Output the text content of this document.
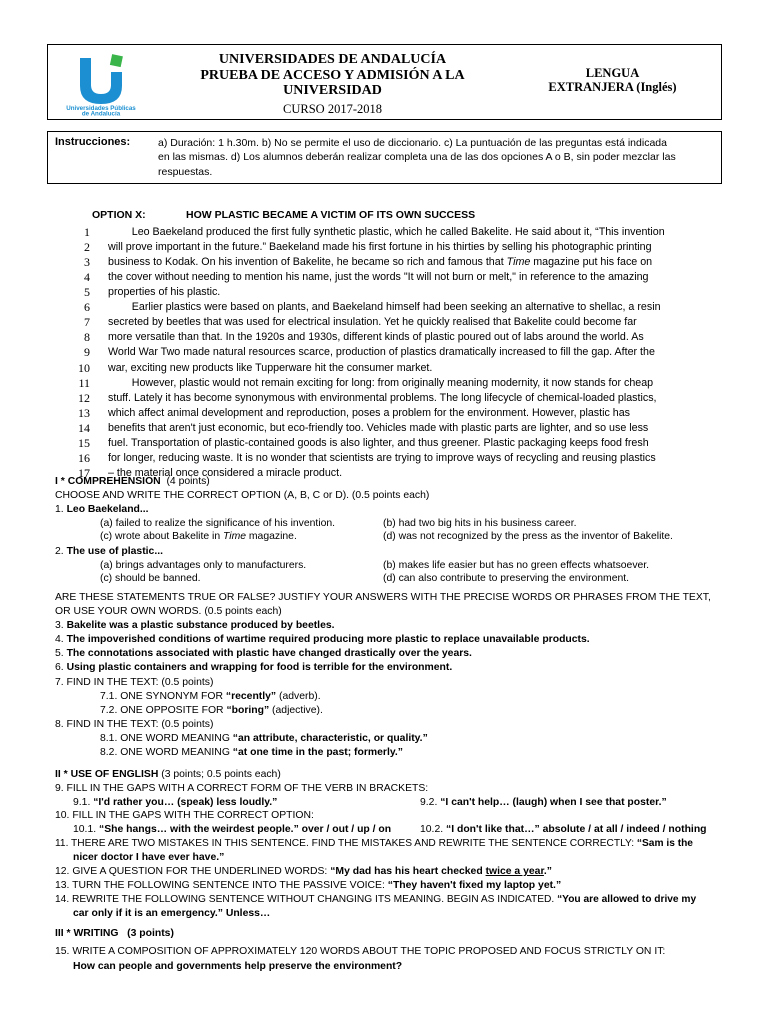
Universidades Públicas
de Andalucía
UNIVERSIDADES DE ANDALUCÍA
PRUEBA DE ACCESO Y ADMISIÓN A LA
UNIVERSIDAD
CURSO 2017-2018
LENGUA
EXTRANJERA (Inglés)
Instrucciones:	a) Duración: 1 h.30m. b) No se permite el uso de diccionario. c) La puntuación de las preguntas está indicada
en las mismas. d) Los alumnos deberán realizar completa una de las dos opciones A o B, sin poder mezclar las
respuestas.
OPTION X:	HOW PLASTIC BECAME A VICTIM OF ITS OWN SUCCESS
1 Leo Baekeland produced the first fully synthetic plastic, which he called Bakelite. He said about it, “This invention
2 will prove important in the future.” Baekeland made his first fortune in his thirties by selling his photographic printing
3 business to Kodak. On his invention of Bakelite, he became so rich and famous that Time magazine put his face on
4 the cover without needing to mention his name, just the words "It will not burn or melt," in reference to the amazing
5 properties of his plastic.
6 Earlier plastics were based on plants, and Baekeland himself had been seeking an alternative to shellac, a resin
7 secreted by beetles that was used for electrical insulation. Yet he quickly realised that Bakelite could become far
8 more versatile than that. In the 1920s and 1930s, different kinds of plastic poured out of labs around the world. As
9 World War Two made natural resources scarce, production of plastics dramatically increased to fill the gap. After the
10 war, exciting new products like Tupperware hit the consumer market.
11 However, plastic would not remain exciting for long: from originally meaning modernity, it now stands for cheap
12 stuff. Lately it has become synonymous with environmental problems. The long lifecycle of chemical-loaded plastics,
13 which affect animal development and reproduction, poses a problem for the environment. However, plastic has
14 benefits that aren't just economic, but eco-friendly too. Vehicles made with plastic parts are lighter, and so use less
15 fuel. Transportation of plastic-contained goods is also lighter, and thus greener. Plastic packaging keeps food fresh
16 for longer, reducing waste. It is no wonder that scientists are trying to improve ways of recycling and reusing plastics
17 – the material once considered a miracle product.
I * COMPREHENSION (4 points)
CHOOSE AND WRITE THE CORRECT OPTION (A, B, C or D). (0.5 points each)
1. Leo Baekeland...
(a) failed to realize the significance of his invention.	(b) had two big hits in his business career.
(c) wrote about Bakelite in Time magazine.	(d) was not recognized by the press as the inventor of Bakelite.
2. The use of plastic...
(a) brings advantages only to manufacturers.	(b) makes life easier but has no green effects whatsoever.
(c) should be banned.	(d) can also contribute to preserving the environment.
ARE THESE STATEMENTS TRUE OR FALSE? JUSTIFY YOUR ANSWERS WITH THE PRECISE WORDS OR PHRASES FROM THE TEXT,
OR USE YOUR OWN WORDS. (0.5 points each)
3. Bakelite was a plastic substance produced by beetles.
4. The impoverished conditions of wartime required producing more plastic to replace unavailable products.
5. The connotations associated with plastic have changed drastically over the years.
6. Using plastic containers and wrapping for food is terrible for the environment.
7. FIND IN THE TEXT: (0.5 points)
7.1. ONE SYNONYM FOR “recently” (adverb).
7.2. ONE OPPOSITE FOR “boring” (adjective).
8. FIND IN THE TEXT: (0.5 points)
8.1. ONE WORD MEANING “an attribute, characteristic, or quality.”
8.2. ONE WORD MEANING “at one time in the past; formerly.”
II * USE OF ENGLISH (3 points; 0.5 points each)
9. FILL IN THE GAPS WITH A CORRECT FORM OF THE VERB IN BRACKETS:
9.1. “I'd rather you… (speak) less loudly.”	9.2. “I can't help… (laugh) when I see that poster.”
10. FILL IN THE GAPS WITH THE CORRECT OPTION:
10.1. “She hangs… with the weirdest people.” over / out / up / on	10.2. “I don't like that…” absolute / at all / indeed / nothing
11. THERE ARE TWO MISTAKES IN THIS SENTENCE. FIND THE MISTAKES AND REWRITE THE SENTENCE CORRECTLY: “Sam is the
nicer doctor I have ever have.”
12. GIVE A QUESTION FOR THE UNDERLINED WORDS: “My dad has his heart checked twice a year.”
13. TURN THE FOLLOWING SENTENCE INTO THE PASSIVE VOICE: “They haven't fixed my laptop yet.”
14. REWRITE THE FOLLOWING SENTENCE WITHOUT CHANGING ITS MEANING. BEGIN AS INDICATED. “You are allowed to drive my
car only if it is an emergency.” Unless…
III * WRITING (3 points)
15. WRITE A COMPOSITION OF APPROXIMATELY 120 WORDS ABOUT THE TOPIC PROPOSED AND FOCUS STRICTLY ON IT:
How can people and governments help preserve the environment?
